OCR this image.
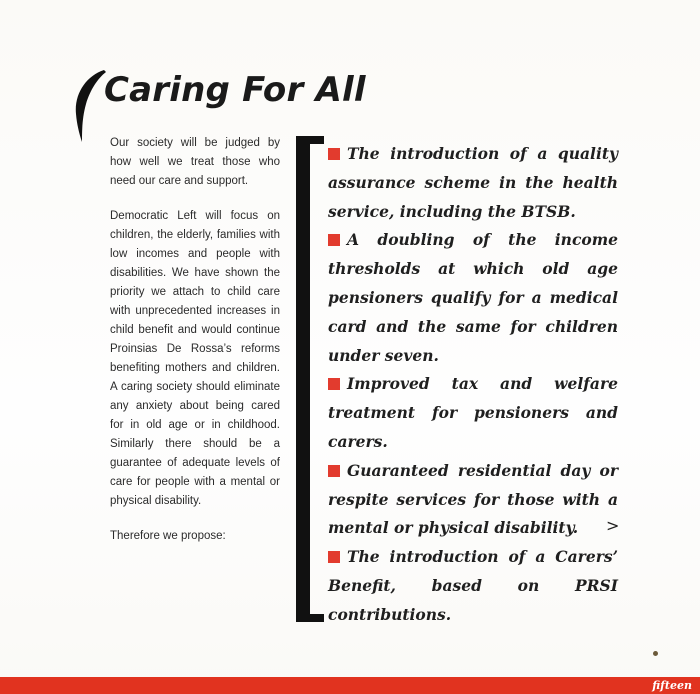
Caring For All

Our society will be judged by how well we treat those who need our care and support.

Democratic Left will focus on children, the elderly, families with low incomes and people with disabilities. We have shown the priority we attach to child care with unprecedented increases in child benefit and would continue Proinsias De Rossa’s reforms benefiting mothers and children. A caring society should eliminate any anxiety about being cared for in old age or in childhood. Similarly there should be a guarantee of adequate levels of care for people with a mental or physical disability.

Therefore we propose:

The introduction of a quality assurance scheme in the health service, including the BTSB.
A doubling of the income thresholds at which old age pensioners qualify for a medical card and the same for children under seven.
Improved tax and welfare treatment for pensioners and carers.
Guaranteed residential day or respite services for those with a mental or physical disability.
The introduction of a Carers’ Benefit, based on PRSI contributions.
>
fifteen
